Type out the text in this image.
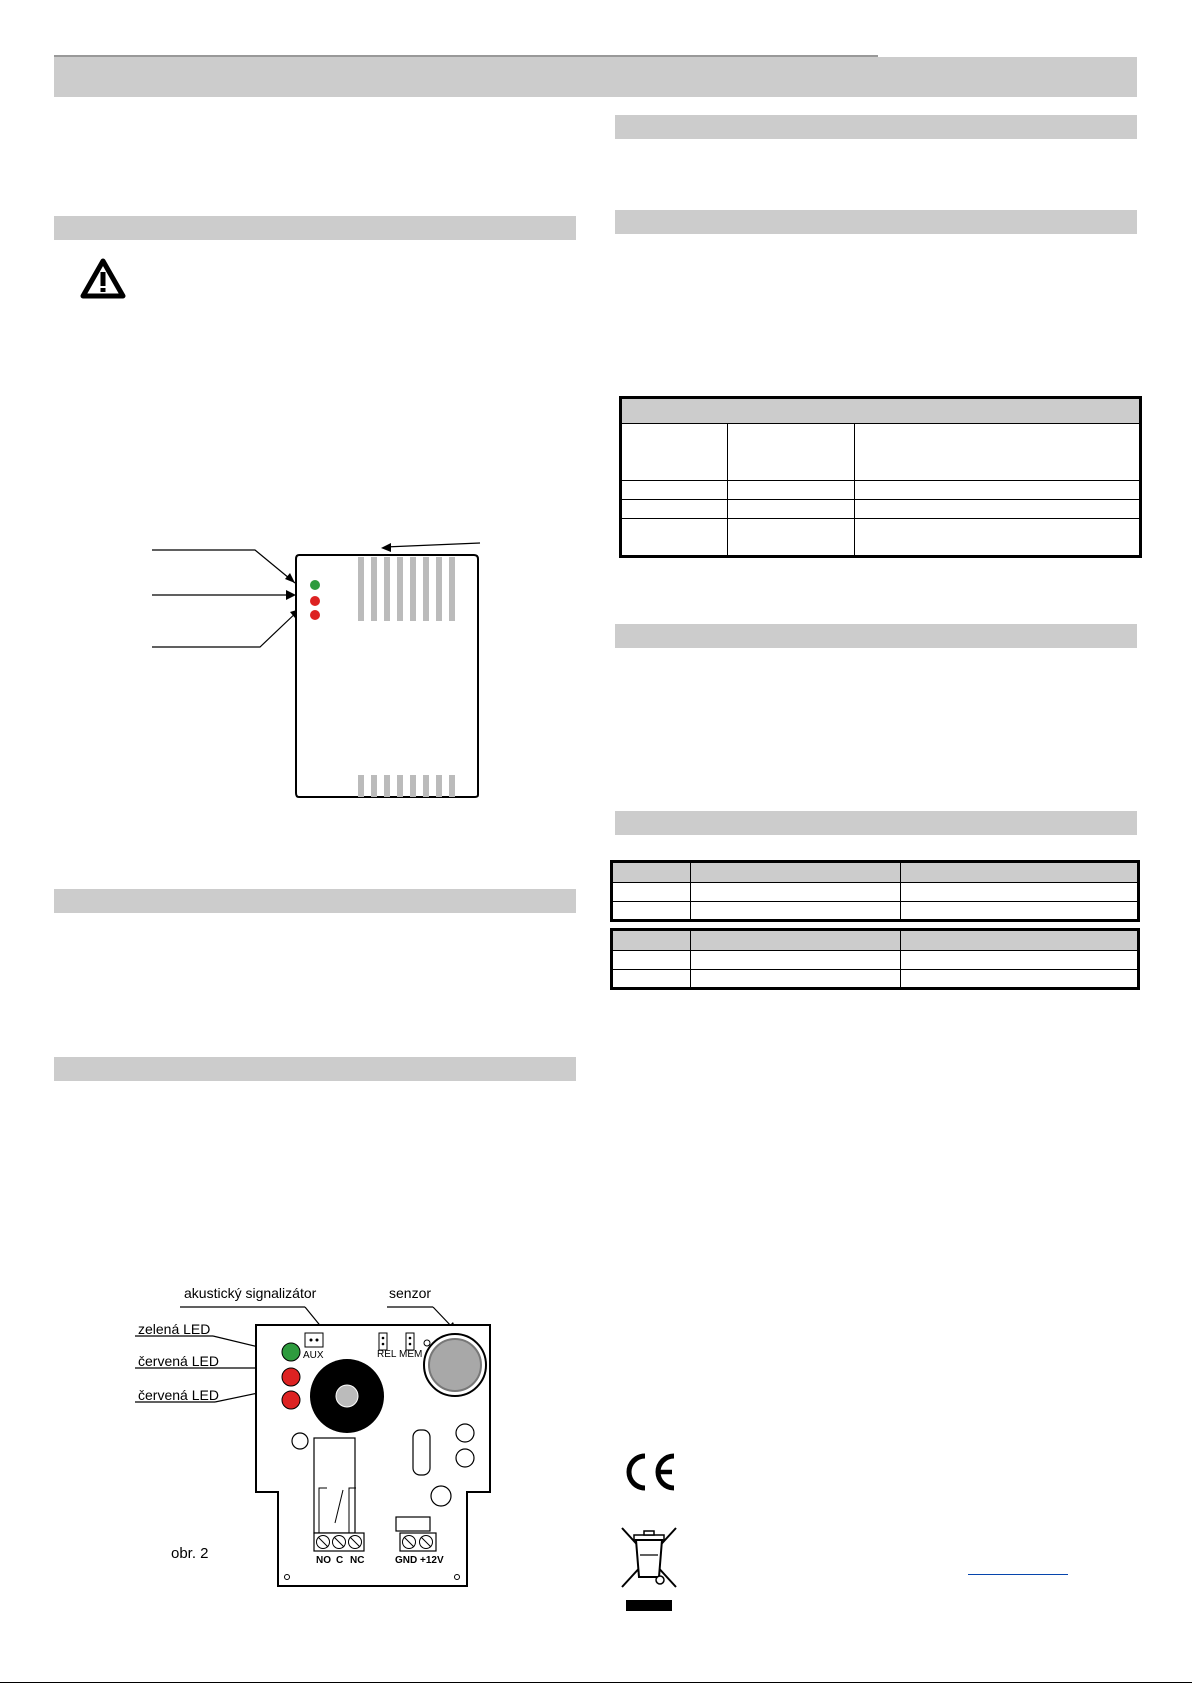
akustický signalizátor	senzor
zelená LED
červená LED
červená LED
AUX	REL MEM
NO C NC	GND +12V
obr. 2
